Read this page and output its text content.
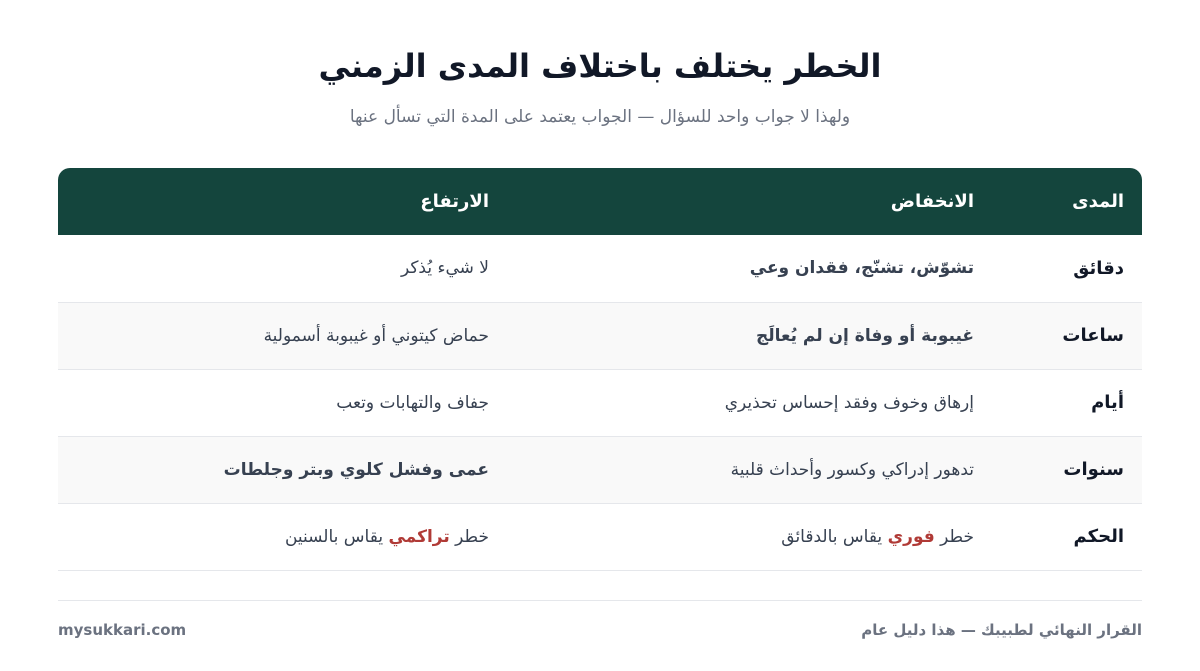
الخطر يختلف باختلاف المدى الزمني

ولهذا لا جواب واحد للسؤال — الجواب يعتمد على المدة التي تسأل عنها

المدى	الانخفاض	الارتفاع
دقائق	تشوّش، تشنّج، فقدان وعي	لا شيء يُذكر
ساعات	غيبوبة أو وفاة إن لم يُعالَج	حماض كيتوني أو غيبوبة أسمولية
أيام	إرهاق وخوف وفقد إحساس تحذيري	جفاف والتهابات وتعب
سنوات	تدهور إدراكي وكسور وأحداث قلبية	عمى وفشل كلوي وبتر وجلطات
الحكم	خطر فوري يقاس بالدقائق	خطر تراكمي يقاس بالسنين
القرار النهائي لطبيبك — هذا دليل عام
mysukkari.com
